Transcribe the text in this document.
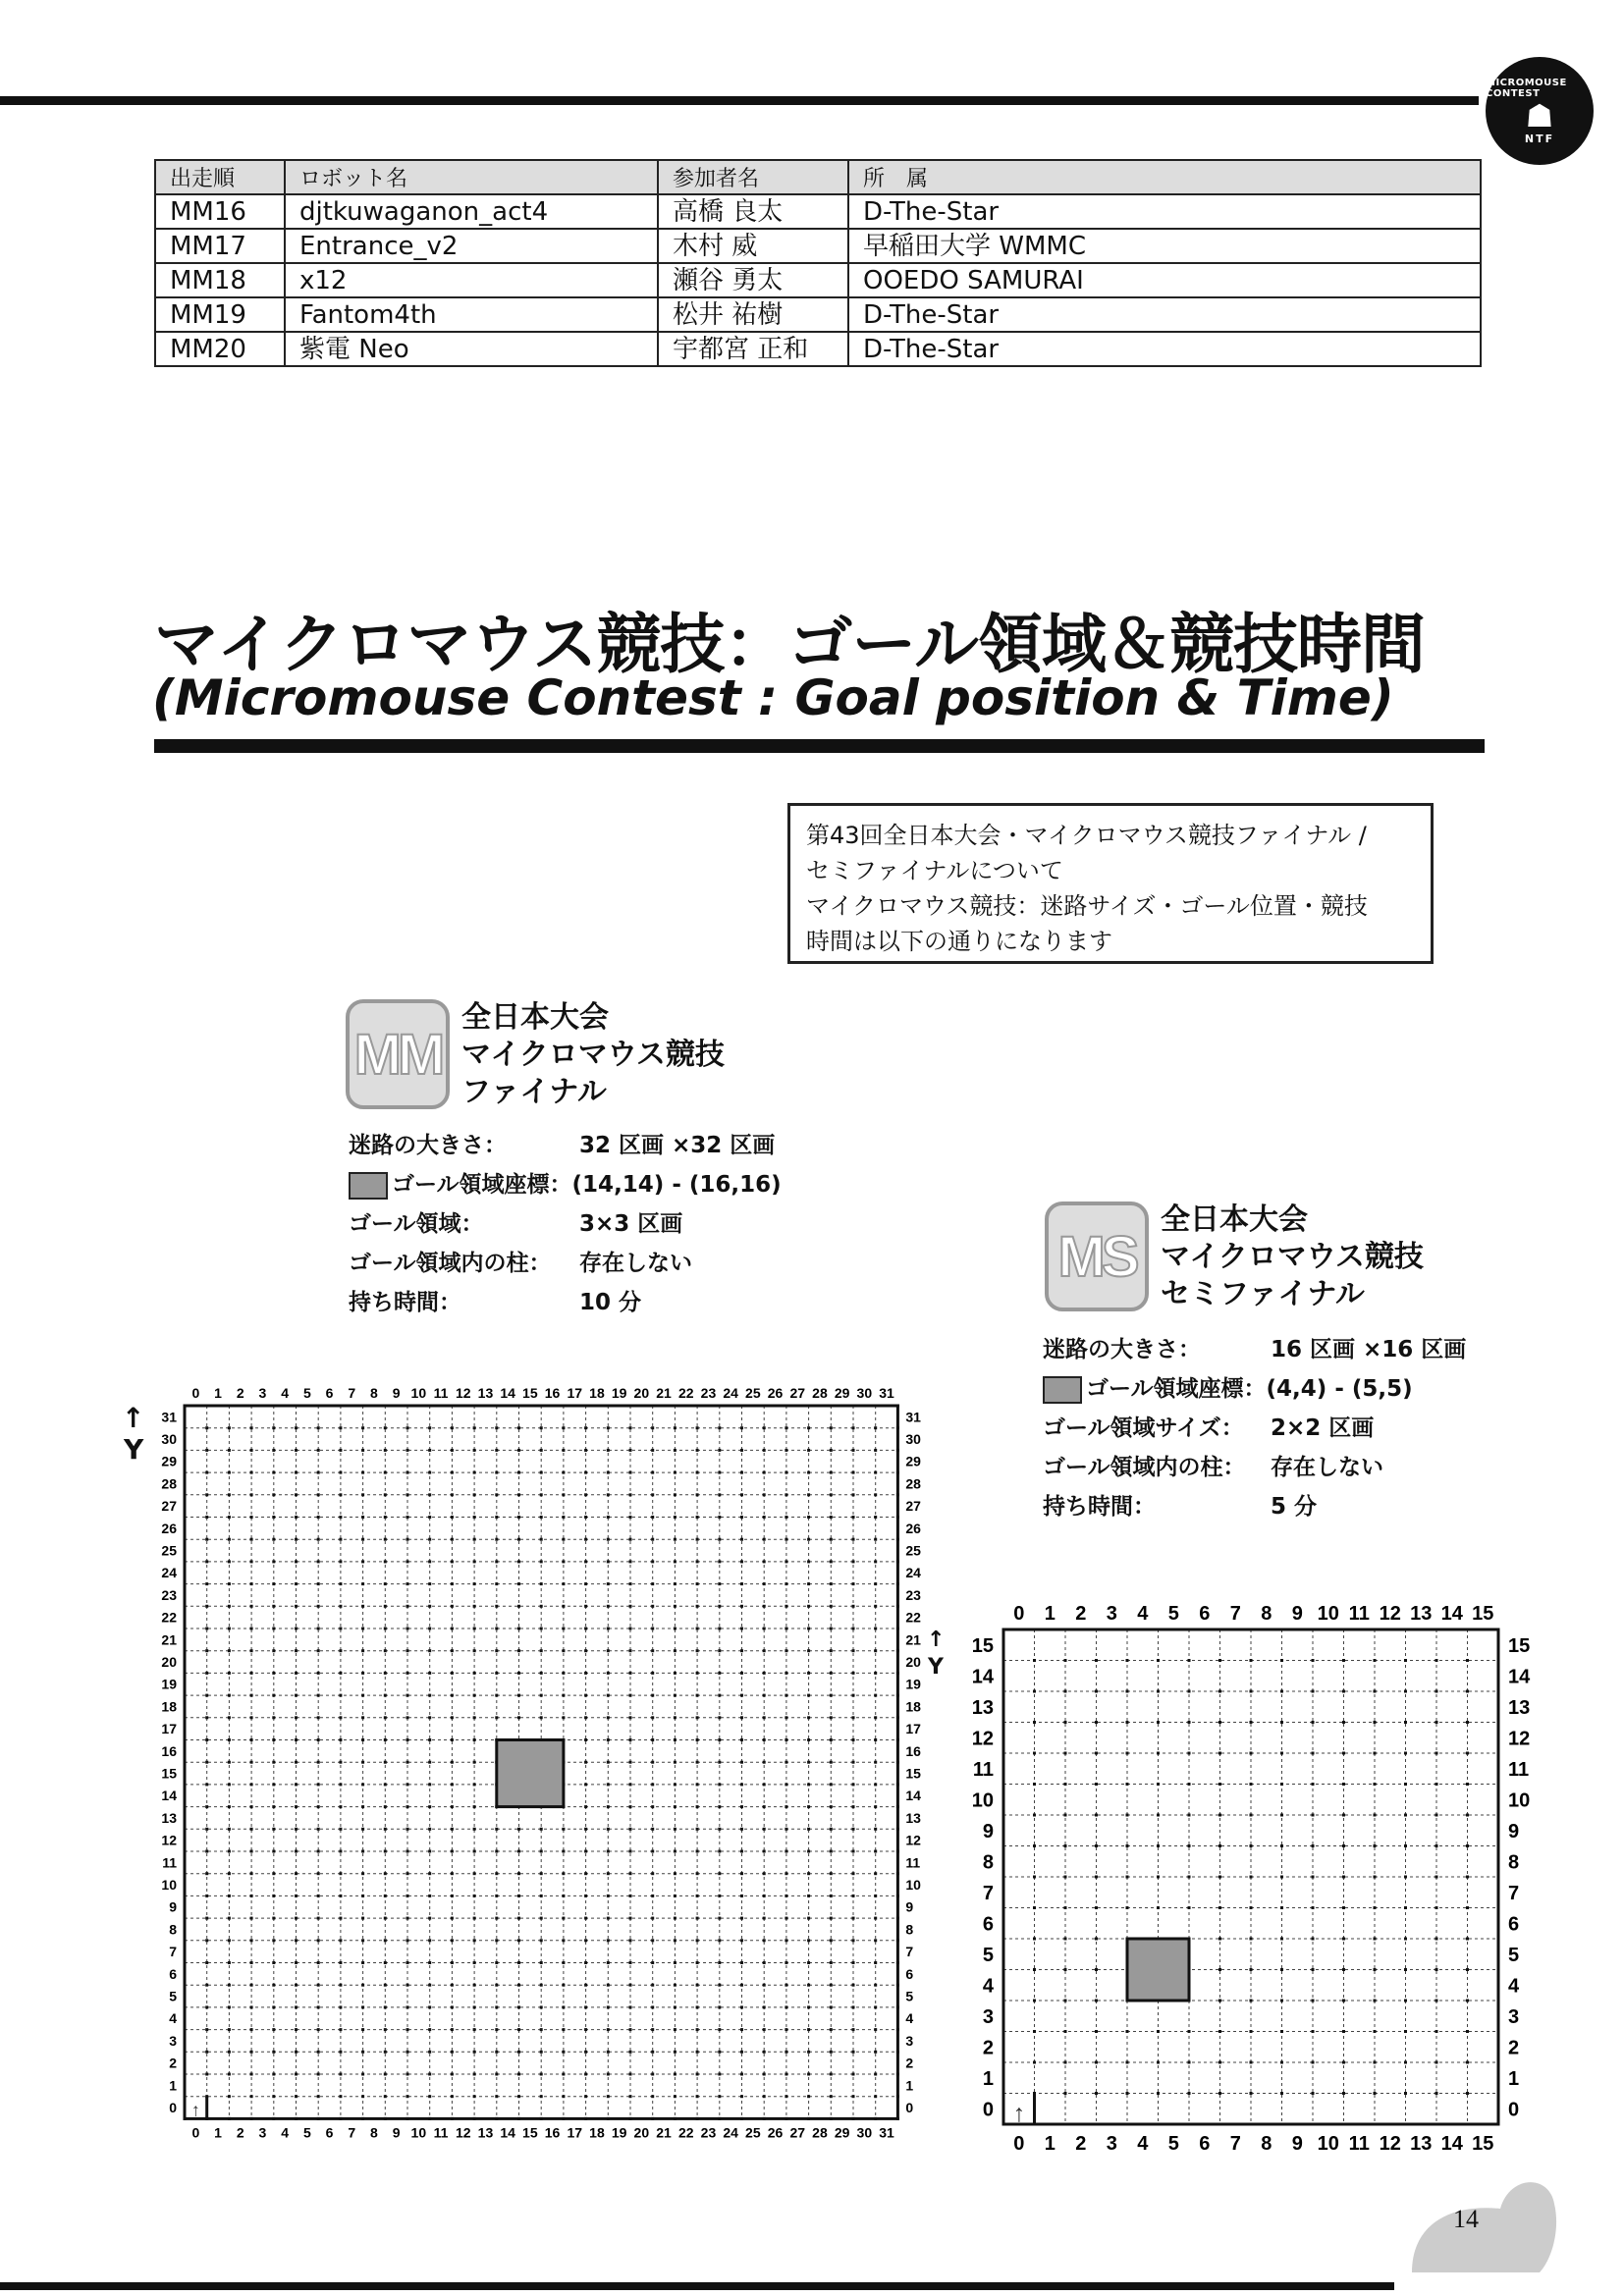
MICROMOUSE CONTEST
☗
NTF
出走順	ロボット名	参加者名	所　属
MM16	djtkuwaganon_act4	高橋 良太	D-The-Star
MM17	Entrance_v2	木村 威	早稲田大学 WMMC
MM18	x12	瀬谷 勇太	OOEDO SAMURAI
MM19	Fantom4th	松井 祐樹	D-The-Star
MM20	紫電 Neo	宇都宮 正和	D-The-Star
マイクロマウス競技：ゴール領域＆競技時間
(Micromouse Contest : Goal position & Time)
第43回全日本大会・マイクロマウス競技ファイナル /
セミファイナルについて
マイクロマウス競技：迷路サイズ・ゴール位置・競技
時間は以下の通りになります
MM
全日本大会
マイクロマウス競技
ファイナル
迷路の大きさ：	32 区画 ×32 区画
ゴール領域座標：(14,14) - (16,16)
ゴール領域：	3×3 区画
ゴール領域内の柱： 存在しない
持ち時間：	10 分
MS
全日本大会
マイクロマウス競技
セミファイナル
迷路の大きさ：	16 区画 ×16 区画
ゴール領域座標：(4,4) - (5,5)
ゴール領域サイズ： 2×2 区画
ゴール領域内の柱： 存在しない
持ち時間：	5 分
↑
Y
↑
Y
↑
0
0
0	0
1
1
1	1
2
2
2	2
3
3
3	3
4
4
4	4
5
5
5	5
6
6
6	6
7
7
7	7
8
8
8	8
9
9
9	9
10
10
10	10
11
11
11	11
12
12
12	12
13
13
13	13
14
14
14	14
15
15
15	15
16
16
16	16
17
17
17	17
18
18
18	18
19
19
19	19
20
20
20	20
21
21
21	21
22
22
22	22
23
23
23	23
24
24
24	24
25
25
25	25
26
26
26	26
27
27
27	27
28
28
28	28
29
29
29	29
30
30
30	30
31
31
31	31
↑
0
0
0	0
1
1
1	1
2
2
2	2
3
3
3	3
4
4
4	4
5
5
5	5
6
6
6	6
7
7
7	7
8
8
8	8
9
9
9	9
10
10
10	10
11
11
11	11
12
12
12	12
13
13
13	13
14
14
14	14
15
15
15	15
14
